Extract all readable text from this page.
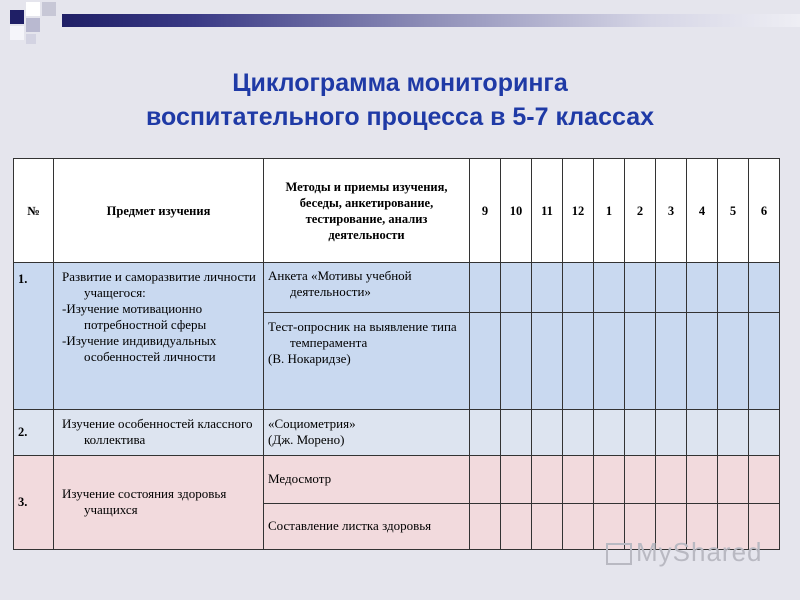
Циклограмма мониторинга
воспитательного процесса в 5-7 классах
№	Предмет изучения	Методы и приемы изучения, беседы, анкетирование, тестирование, анализ деятельности	9	10	11	12	1	2	3	4	5	6
1.	Развитие и саморазвитие личности учащегося:
-Изучение мотивационно потребностной сферы
-Изучение индивидуальных особенностей личности	Анкета «Мотивы учебной деятельности»										

		Тест-опросник на выявление типа темперамента
(В. Нокаридзе)										

2.	Изучение особенностей классного коллектива	«Социометрия»
(Дж. Морено)										

3.	Изучение состояния здоровья учащихся	Медосмотр										

		Составление листка здоровья										

MyShared
